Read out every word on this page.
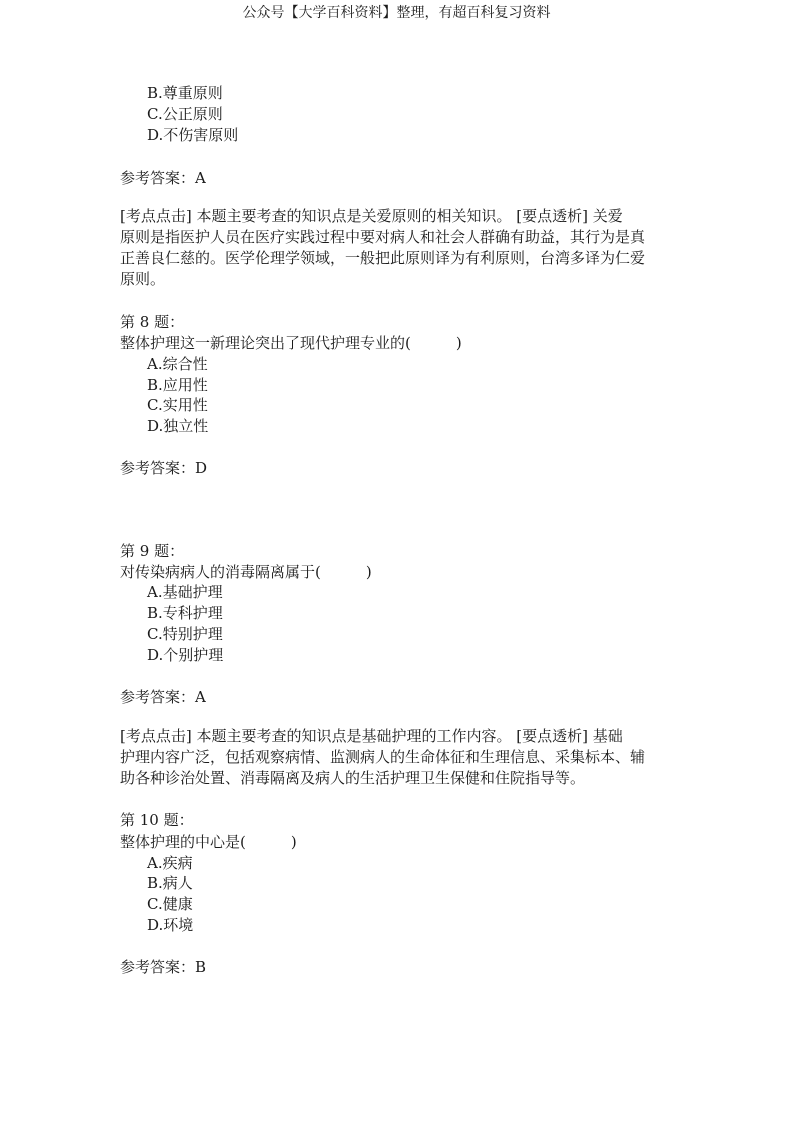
公众号【大学百科资料】整理，有超百科复习资料
B.尊重原则
C.公正原则
D.不伤害原则
参考答案：A
[考点点击] 本题主要考查的知识点是关爱原则的相关知识。 [要点透析] 关爱
原则是指医护人员在医疗实践过程中要对病人和社会人群确有助益，其行为是真
正善良仁慈的。医学伦理学领域，一般把此原则译为有利原则，台湾多译为仁爱
原则。
第 8 题：
整体护理这一新理论突出了现代护理专业的(　　　)
A.综合性
B.应用性
C.实用性
D.独立性
参考答案：D
第 9 题：
对传染病病人的消毒隔离属于(　　　)
A.基础护理
B.专科护理
C.特别护理
D.个别护理
参考答案：A
[考点点击] 本题主要考查的知识点是基础护理的工作内容。 [要点透析] 基础
护理内容广泛，包括观察病情、监测病人的生命体征和生理信息、采集标本、辅
助各种诊治处置、消毒隔离及病人的生活护理卫生保健和住院指导等。
第 10 题：
整体护理的中心是(　　　)
A.疾病
B.病人
C.健康
D.环境
参考答案：B
